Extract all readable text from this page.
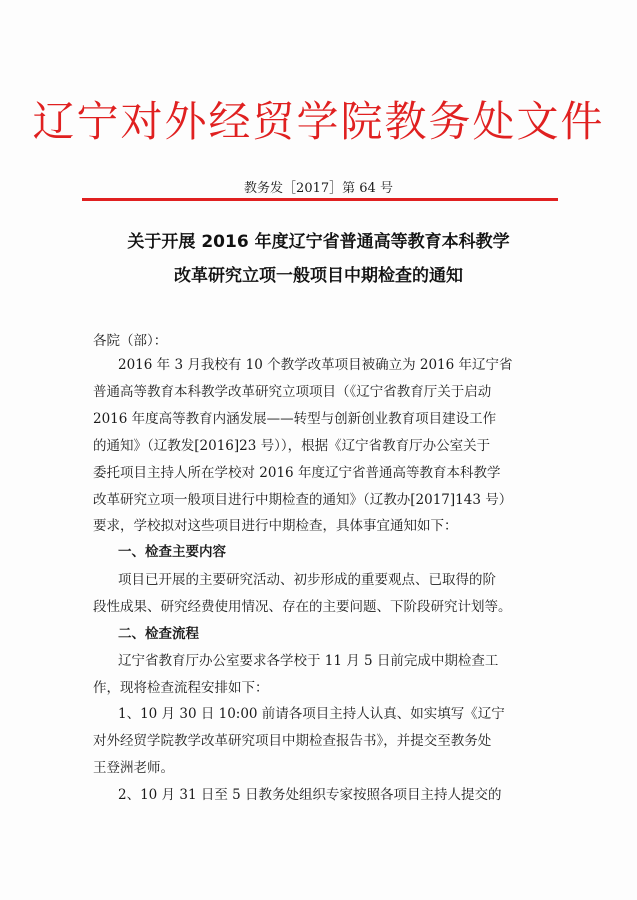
辽宁对外经贸学院教务处文件
教务发［2017］第 64 号
关于开展 2016 年度辽宁省普通高等教育本科教学
改革研究立项一般项目中期检查的通知
各院（部）：
2016 年 3 月我校有 10 个教学改革项目被确立为 2016 年辽宁省
普通高等教育本科教学改革研究立项项目（《辽宁省教育厅关于启动
2016 年度高等教育内涵发展——转型与创新创业教育项目建设工作
的通知》（辽教发[2016]23 号）），根据《辽宁省教育厅办公室关于
委托项目主持人所在学校对 2016 年度辽宁省普通高等教育本科教学
改革研究立项一般项目进行中期检查的通知》（辽教办[2017]143 号）
要求，学校拟对这些项目进行中期检查，具体事宜通知如下：
一、检查主要内容
项目已开展的主要研究活动、初步形成的重要观点、已取得的阶
段性成果、研究经费使用情况、存在的主要问题、下阶段研究计划等。
二、检查流程
辽宁省教育厅办公室要求各学校于 11 月 5 日前完成中期检查工
作，现将检查流程安排如下：
1、10 月 30 日 10:00 前请各项目主持人认真、如实填写《辽宁
对外经贸学院教学改革研究项目中期检查报告书》，并提交至教务处
王登洲老师。
2、10 月 31 日至 5 日教务处组织专家按照各项目主持人提交的
